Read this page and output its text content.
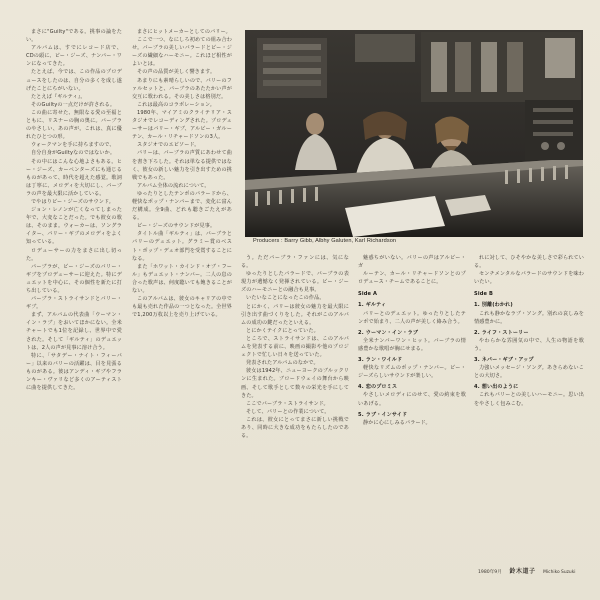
まさに"Guilty"である。挑事の論をたい。

アルバムは、すでにレコード店で、CDの頭に、ビー・ジーズ、ナンバー・ワンになってきた。

たとえば、今では、この作品のプロデュースをしたのは、自分の多くを成し遂げたことにちがいない。

たとえば『ギルティ』。

そのGuiltyの一点だけが許される。

この曲に寄せた、無限なる愛の至福とともに、リスナーの胸の奥に。バーブラのやさしい、あの声が。これは、真に優れたひとつの形。

ウォークマンを手に持ちますので、

自分自身がGuiltyなのではないか。

その中にはこんな心地よさもある。ヒー・ジーズ、カーペンターズにも通じるものがあって、時代を超えた感覚。歌詞は丁寧に、メロディを大切にし、バーブラの声を最大限に活かしている。

でやはりビー・ジーズのサウンド。

ジョン・レノンが亡くなってしまった年で、大変なことだった。でも彼女の歌は、そのまま。ウォーカーは、ソングライター、バリー・ギブのメロディをよく知っている。

ロデューサーの力をまさに出し切った。

バーブラが、ビー・ジーズのバリー・ギブをプロデューサーに迎えた。特にデュエットを中心に、その個性を新たに打ち出している。

バーブラ・ストライサンドとバリー・ギブ。

まず、アルバムの代表曲「ウーマン・イン・ラブ」をおいてほかにない。全米チャートでも1位を記録し、世界中で愛された。そして「ギルティ」のデュエットは、2人の声が見事に溶け合う。

特に、「サタデー・ナイト・フィーバー」以来のバリーの活躍は、目を見張るものがある。彼はアンディ・ギブやフランキー・ヴァリなど多くのアーティストに曲を提供してきた。

まさにヒットメーカーとしてのバリー。

ここで一つ、なにしろ初めての組み合わせ。バーブラの美しいバラードとビー・ジーズの繊細なハーモニー。これほど相性がよいとは。

その声の品質が美しく響きます。

あまりにも素晴らしいので、バリーのファルセットと、バーブラのあたたかい声が交互に歌われる。その美しさは格別だ。

これは最高のコラボレーション。

1980年、マイアミのクライテリア・スタジオでレコーディングされた。プロデューサーはバリー・ギブ、アルビー・ガルーテン、カール・リチャードソンの3人。

スタジオでのエピソード。

バリーは、バーブラの声質にあわせて曲を書き下ろした。それは単なる提供ではなく、彼女の新しい魅力を引き出すための挑戦でもあった。

アルバム全体の流れについて。

ゆったりとしたテンポのバラードから、軽快なポップ・ナンバーまで、変化に富んだ構成。全9曲、どれも聴きごたえがある。

ビー・ジーズのサウンドが見事。

タイトル曲「ギルティ」は、バーブラとバリーのデュエット。グラミー賞のベスト・ポップ・デュオ部門を受賞することになる。

また「ホワット・カインド・オブ・フール」もデュエット・ナンバー。二人の息の合った歌声は、何度聴いても飽きることがない。

このアルバムは、彼女のキャリアの中でも最も売れた作品の一つとなった。全世界で1,200万枚以上を売り上げている。

Producers : Barry Gibb, Albhy Galuten, Karl Richardson

う。ただバーブラ・ファンには、気になる。

ゆったりとしたバラードで、バーブラの表現力が遺憾なく発揮されている。ビー・ジーズのハーモニーとの融合も見事。

いたいなことになったこの作品。

とにかく、バリーは彼女の魅力を最大限に引き出す曲づくりをした。それがこのアルバムの成功の鍵だったといえる。

とにかくテイクにとっていた。

ところで、ストライサンドは、このアルバムを発表する前に、映画の撮影や他のプロジェクトで忙しい日々を送っていた。

発表されたアルバムのなかで。

彼女は1942年、ニューヨークのブルックリンに生まれた。ブロードウェイの舞台から映画、そして歌手として数々の栄光を手にしてきた。

ここでバーブラ・ストライサンド。

そして、バリーとの作業について。

これは、彼女にとってまさに新しい挑戦であり、同時に大きな成功をもたらしたのである。

魅惑ちがいない。バリーの声はアルビー・ガ

ルーテン、カール・リチャードソンとのプロデュース・チームであることに。

Side A

1. ギルティ

バリーとのデュエット。ゆったりとしたテンポで始まり、二人の声が美しく絡み合う。

2. ウーマン・イン・ラブ

全米ナンバーワン・ヒット。バーブラの情感豊かな歌唱が胸にせまる。

3. ラン・ワイルド

軽快なリズムのポップ・ナンバー。ビー・ジーズらしいサウンドが楽しい。

4. 恋のプロミス

やさしいメロディにのせて、愛の約束を歌いあげる。

5. ラブ・インサイド

静かに心にしみるバラード。

れに対して、ひそやかな美しさで彩られている。

センチメンタルなバラードのサウンドを味わいたい。

Side B

1. 別離(わかれ)

これも静かなラブ・ソング。別れの哀しみを情感豊かに。

2. ライフ・ストーリー

やわらかな雰囲気の中で、人生の物語を歌う。

3. ネバー・ギブ・アップ

力強いメッセージ・ソング。あきらめないことの大切さ。

4. 想い出のように

これもバリーとの美しいハーモニー。思い出をやさしく包みこむ。

1980年9月 鈴木道子 Michiko Suzuki
